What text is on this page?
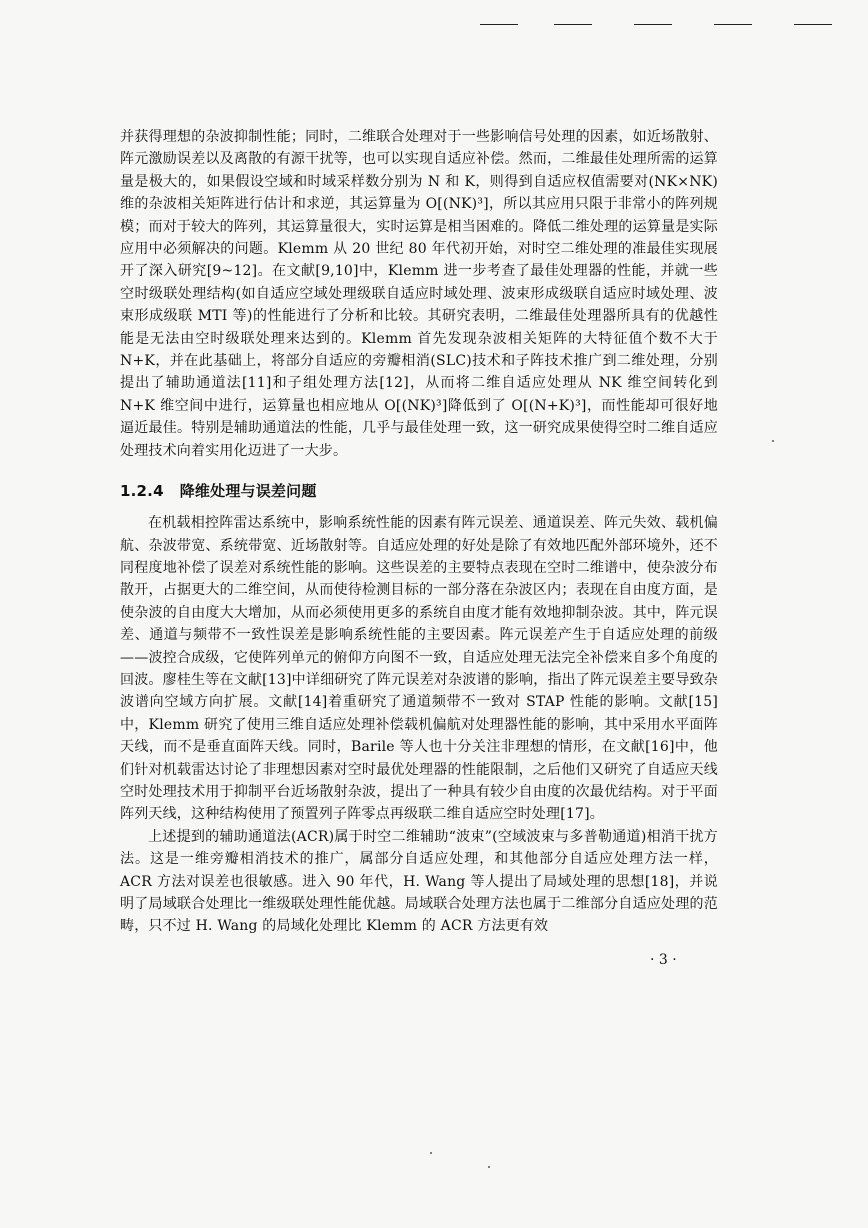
并获得理想的杂波抑制性能；同时，二维联合处理对于一些影响信号处理的因素，如近场散射、阵元激励误差以及离散的有源干扰等，也可以实现自适应补偿。然而，二维最佳处理所需的运算量是极大的，如果假设空域和时域采样数分别为 N 和 K，则得到自适应权值需要对(NK×NK)维的杂波相关矩阵进行估计和求逆，其运算量为 O[(NK)³]，所以其应用只限于非常小的阵列规模；而对于较大的阵列，其运算量很大，实时运算是相当困难的。降低二维处理的运算量是实际应用中必须解决的问题。Klemm 从 20 世纪 80 年代初开始，对时空二维处理的准最佳实现展开了深入研究[9~12]。在文献[9,10]中，Klemm 进一步考查了最佳处理器的性能，并就一些空时级联处理结构(如自适应空域处理级联自适应时域处理、波束形成级联自适应时域处理、波束形成级联 MTI 等)的性能进行了分析和比较。其研究表明，二维最佳处理器所具有的优越性能是无法由空时级联处理来达到的。Klemm 首先发现杂波相关矩阵的大特征值个数不大于 N+K，并在此基础上，将部分自适应的旁瓣相消(SLC)技术和子阵技术推广到二维处理，分别提出了辅助通道法[11]和子组处理方法[12]，从而将二维自适应处理从 NK 维空间转化到 N+K 维空间中进行，运算量也相应地从 O[(NK)³]降低到了 O[(N+K)³]，而性能却可很好地逼近最佳。特别是辅助通道法的性能，几乎与最佳处理一致，这一研究成果使得空时二维自适应处理技术向着实用化迈进了一大步。

1.2.4 降维处理与误差问题

在机载相控阵雷达系统中，影响系统性能的因素有阵元误差、通道误差、阵元失效、载机偏航、杂波带宽、系统带宽、近场散射等。自适应处理的好处是除了有效地匹配外部环境外，还不同程度地补偿了误差对系统性能的影响。这些误差的主要特点表现在空时二维谱中，使杂波分布散开，占据更大的二维空间，从而使待检测目标的一部分落在杂波区内；表现在自由度方面，是使杂波的自由度大大增加，从而必须使用更多的系统自由度才能有效地抑制杂波。其中，阵元误差、通道与频带不一致性误差是影响系统性能的主要因素。阵元误差产生于自适应处理的前级——波控合成级，它使阵列单元的俯仰方向图不一致，自适应处理无法完全补偿来自多个角度的回波。廖桂生等在文献[13]中详细研究了阵元误差对杂波谱的影响，指出了阵元误差主要导致杂波谱向空域方向扩展。文献[14]着重研究了通道频带不一致对 STAP 性能的影响。文献[15]中，Klemm 研究了使用三维自适应处理补偿载机偏航对处理器性能的影响，其中采用水平面阵天线，而不是垂直面阵天线。同时，Barile 等人也十分关注非理想的情形，在文献[16]中，他们针对机载雷达讨论了非理想因素对空时最优处理器的性能限制，之后他们又研究了自适应天线空时处理技术用于抑制平台近场散射杂波，提出了一种具有较少自由度的次最优结构。对于平面阵列天线，这种结构使用了预置列子阵零点再级联二维自适应空时处理[17]。

上述提到的辅助通道法(ACR)属于时空二维辅助“波束”(空域波束与多普勒通道)相消干扰方法。这是一维旁瓣相消技术的推广，属部分自适应处理，和其他部分自适应处理方法一样，ACR 方法对误差也很敏感。进入 90 年代，H. Wang 等人提出了局域处理的思想[18]，并说明了局域联合处理比一维级联处理性能优越。局域联合处理方法也属于二维部分自适应处理的范畴，只不过 H. Wang 的局域化处理比 Klemm 的 ACR 方法更有效

· 3 ·
